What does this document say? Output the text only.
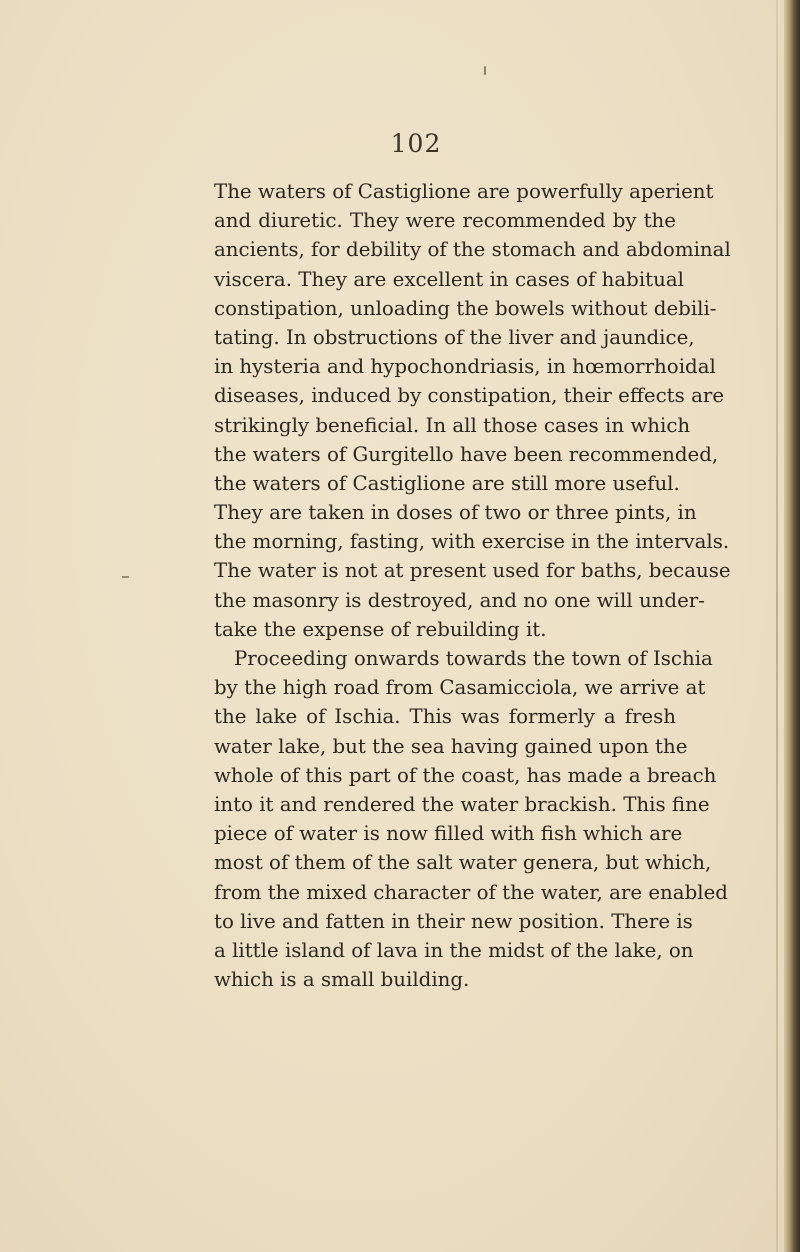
102
The waters of Castiglione are powerfully aperient
and diuretic. They were recommended by the
ancients, for debility of the stomach and abdominal
viscera. They are excellent in cases of habitual
constipation, unloading the bowels without debili-
tating. In obstructions of the liver and jaundice,
in hysteria and hypochondriasis, in hœmorrhoidal
diseases, induced by constipation, their effects are
strikingly beneficial. In all those cases in which
the waters of Gurgitello have been recommended,
the waters of Castiglione are still more useful.
They are taken in doses of two or three pints, in
the morning, fasting, with exercise in the intervals.
The water is not at present used for baths, because
the masonry is destroyed, and no one will under-
take the expense of rebuilding it.
Proceeding onwards towards the town of Ischia
by the high road from Casamicciola, we arrive at
the lake of Ischia. This was formerly a fresh
water lake, but the sea having gained upon the
whole of this part of the coast, has made a breach
into it and rendered the water brackish. This fine
piece of water is now filled with fish which are
most of them of the salt water genera, but which,
from the mixed character of the water, are enabled
to live and fatten in their new position. There is
a little island of lava in the midst of the lake, on
which is a small building.
